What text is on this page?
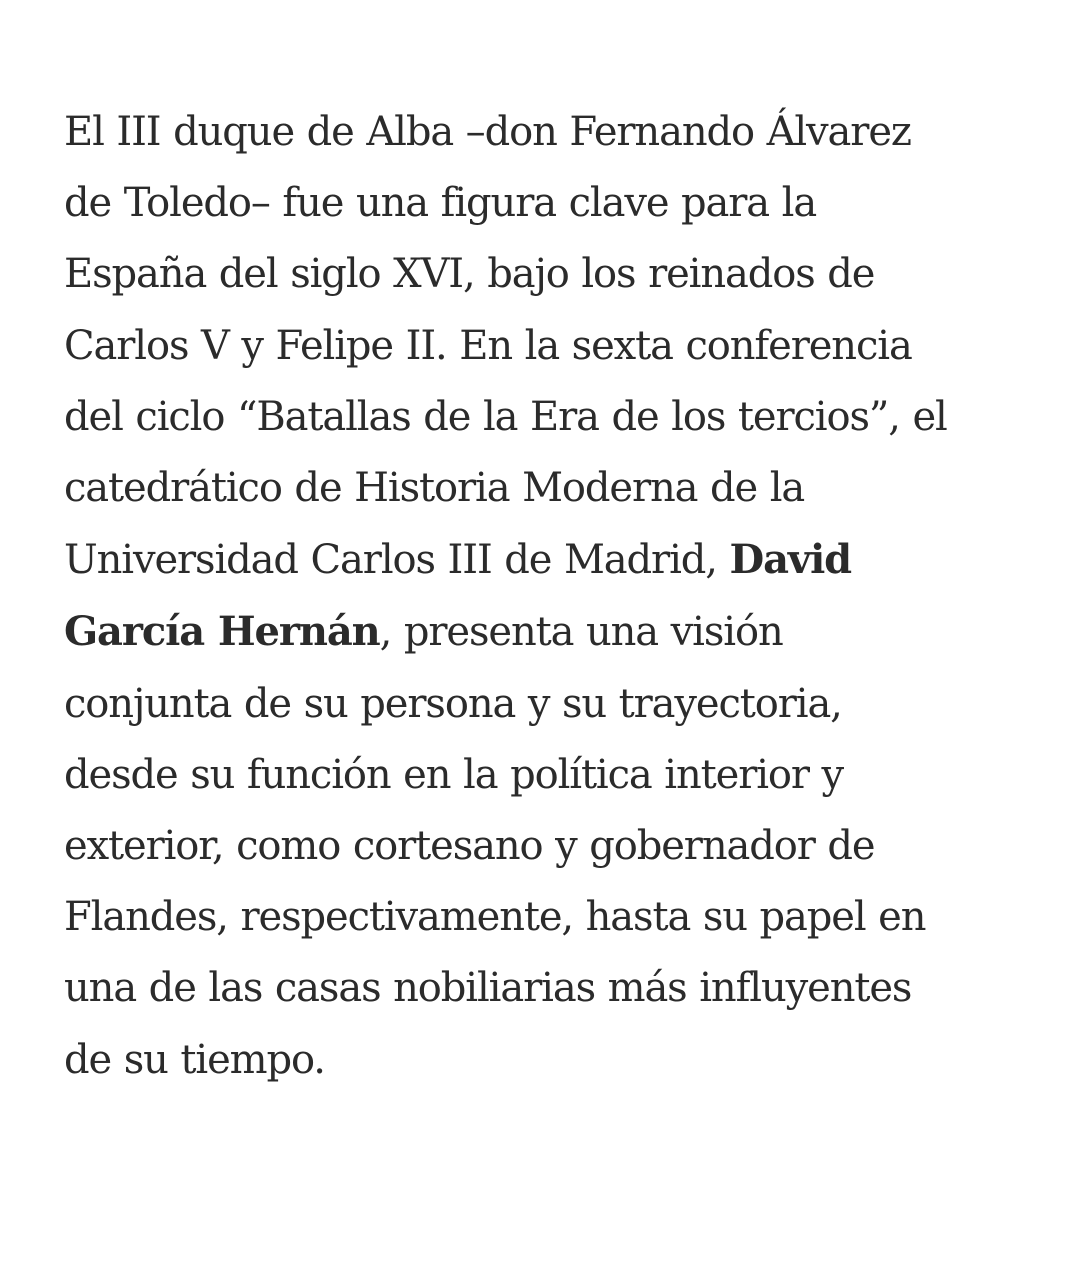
El III duque de Alba –don Fernando Álvarez
de Toledo– fue una figura clave para la
España del siglo XVI, bajo los reinados de
Carlos V y Felipe II. En la sexta conferencia
del ciclo “Batallas de la Era de los tercios”, el
catedrático de Historia Moderna de la
Universidad Carlos III de Madrid, David
García Hernán, presenta una visión
conjunta de su persona y su trayectoria,
desde su función en la política interior y
exterior, como cortesano y gobernador de
Flandes, respectivamente, hasta su papel en
una de las casas nobiliarias más influyentes
de su tiempo.
